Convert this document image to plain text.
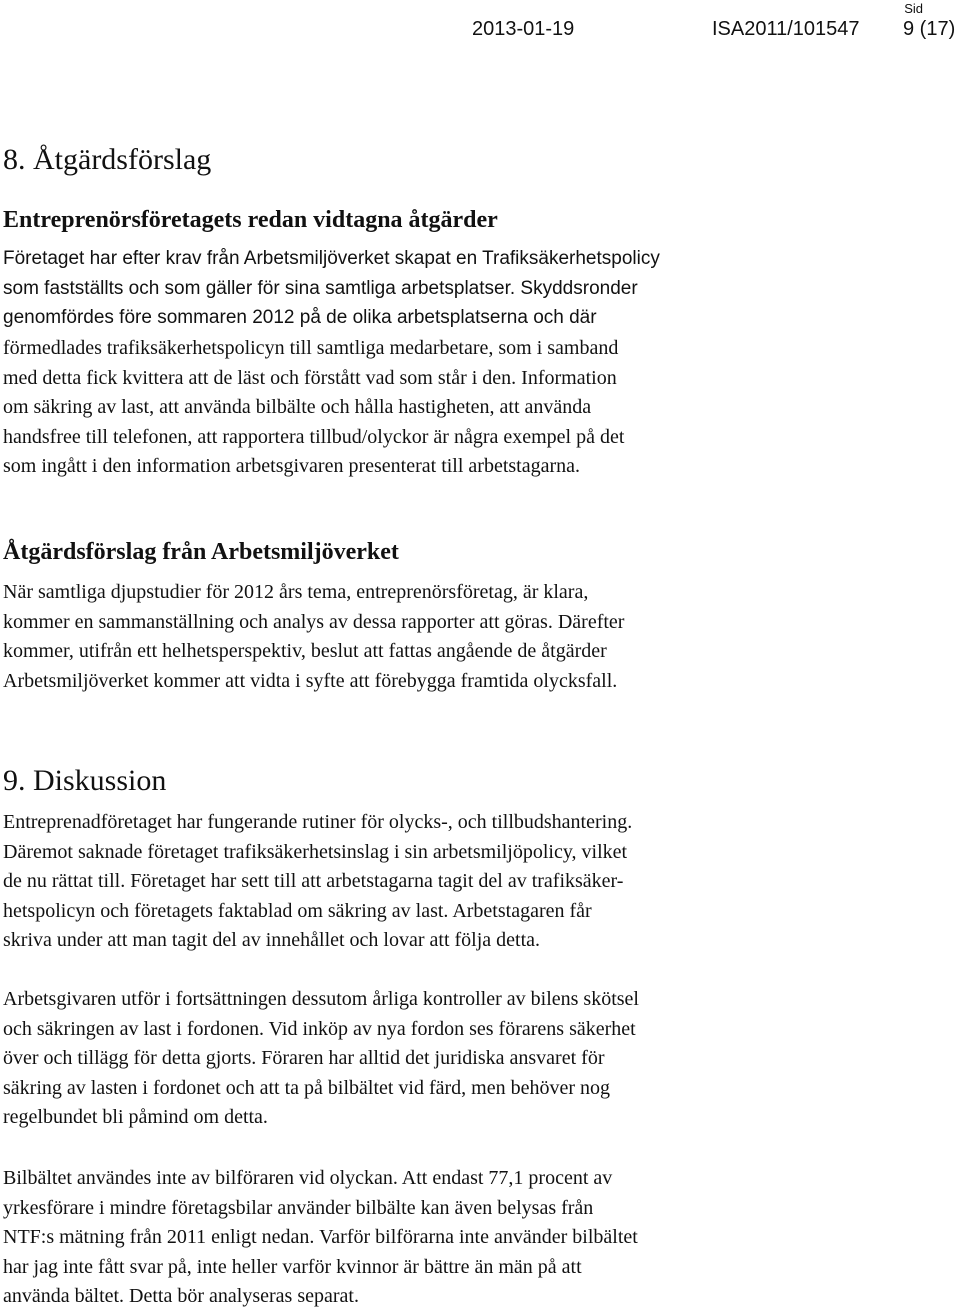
Sid
2013-01-19	ISA2011/101547 9 (17)
8. Åtgärdsförslag
Entreprenörsföretagets redan vidtagna åtgärder
Företaget har efter krav från Arbetsmiljöverket skapat en Trafiksäkerhetspolicy
som fastställts och som gäller för sina samtliga arbetsplatser. Skyddsronder
genomfördes före sommaren 2012 på de olika arbetsplatserna och där
förmedlades trafiksäkerhetspolicyn till samtliga medarbetare, som i samband
med detta fick kvittera att de läst och förstått vad som står i den. Information
om säkring av last, att använda bilbälte och hålla hastigheten, att använda
handsfree till telefonen, att rapportera tillbud/olyckor är några exempel på det
som ingått i den information arbetsgivaren presenterat till arbetstagarna.
Åtgärdsförslag från Arbetsmiljöverket
När samtliga djupstudier för 2012 års tema, entreprenörsföretag, är klara,
kommer en sammanställning och analys av dessa rapporter att göras. Därefter
kommer, utifrån ett helhetsperspektiv, beslut att fattas angående de åtgärder
Arbetsmiljöverket kommer att vidta i syfte att förebygga framtida olycksfall.
9. Diskussion
Entreprenadföretaget har fungerande rutiner för olycks-, och tillbudshantering.
Däremot saknade företaget trafiksäkerhetsinslag i sin arbetsmiljöpolicy, vilket
de nu rättat till. Företaget har sett till att arbetstagarna tagit del av trafiksäker-
hetspolicyn och företagets faktablad om säkring av last. Arbetstagaren får
skriva under att man tagit del av innehållet och lovar att följa detta.
Arbetsgivaren utför i fortsättningen dessutom årliga kontroller av bilens skötsel
och säkringen av last i fordonen. Vid inköp av nya fordon ses förarens säkerhet
över och tillägg för detta gjorts. Föraren har alltid det juridiska ansvaret för
säkring av lasten i fordonet och att ta på bilbältet vid färd, men behöver nog
regelbundet bli påmind om detta.
Bilbältet användes inte av bilföraren vid olyckan. Att endast 77,1 procent av
yrkesförare i mindre företagsbilar använder bilbälte kan även belysas från
NTF:s mätning från 2011 enligt nedan. Varför bilförarna inte använder bilbältet
har jag inte fått svar på, inte heller varför kvinnor är bättre än män på att
använda bältet. Detta bör analyseras separat.
